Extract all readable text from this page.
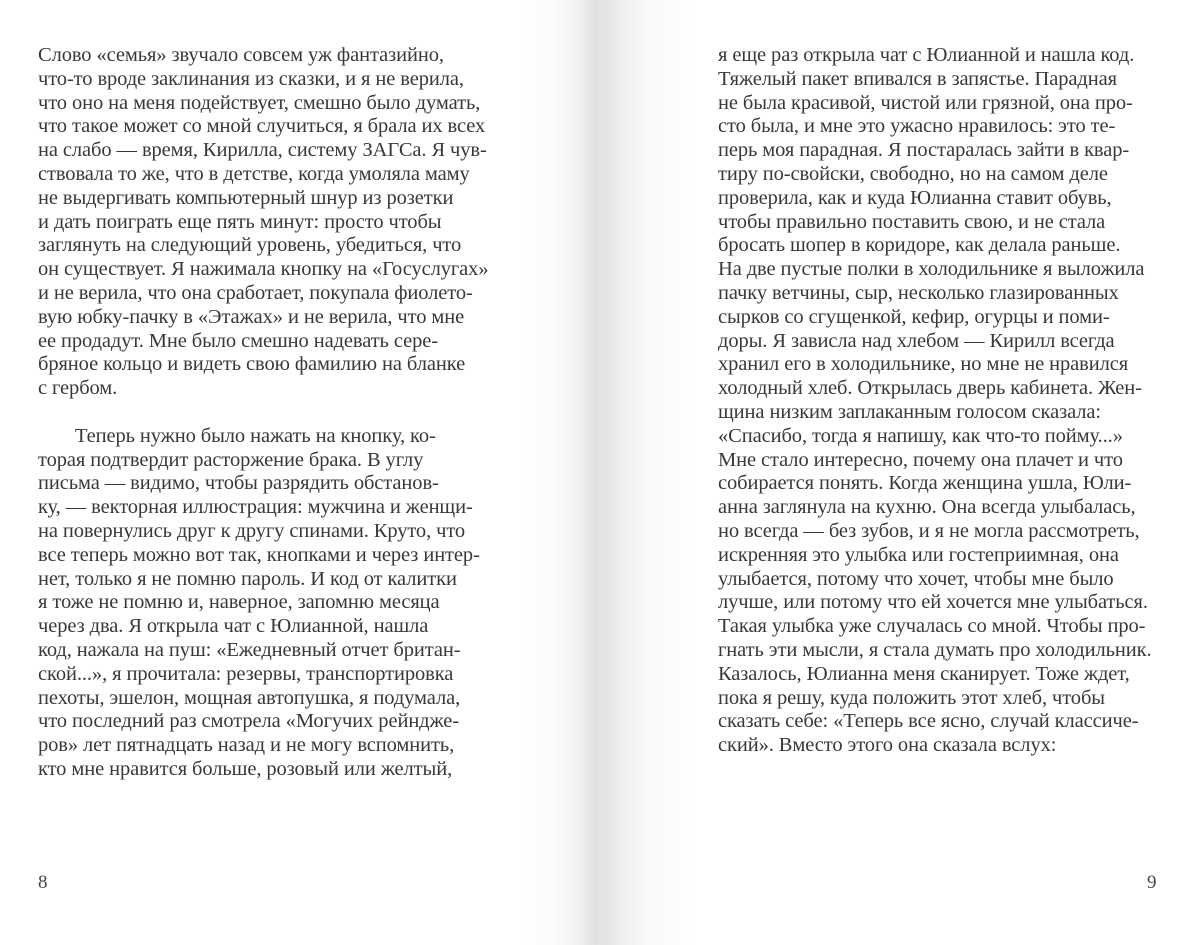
Слово «семья» звучало совсем уж фантазийно,
что-то вроде заклинания из сказки, и я не верила,
что оно на меня подействует, смешно было думать,
что такое может со мной случиться, я брала их всех
на слабо — время, Кирилла, систему ЗАГСа. Я чув-
ствовала то же, что в детстве, когда умоляла маму
не выдергивать компьютерный шнур из розетки
и дать поиграть еще пять минут: просто чтобы
заглянуть на следующий уровень, убедиться, что
он существует. Я нажимала кнопку на «Госуслугах»
и не верила, что она сработает, покупала фиолето-
вую юбку-пачку в «Этажах» и не верила, что мне
ее продадут. Мне было смешно надевать сере-
бряное кольцо и видеть свою фамилию на бланке
с гербом.
Теперь нужно было нажать на кнопку, ко-
торая подтвердит расторжение брака. В углу
письма — видимо, чтобы разрядить обстанов-
ку, — векторная иллюстрация: мужчина и женщи-
на повернулись друг к другу спинами. Круто, что
все теперь можно вот так, кнопками и через интер-
нет, только я не помню пароль. И код от калитки
я тоже не помню и, наверное, запомню месяца
через два. Я открыла чат с Юлианной, нашла
код, нажала на пуш: «Ежедневный отчет британ-
ской...», я прочитала: резервы, транспортировка
пехоты, эшелон, мощная автопушка, я подумала,
что последний раз смотрела «Могучих рейндже-
ров» лет пятнадцать назад и не могу вспомнить,
кто мне нравится больше, розовый или желтый,
я еще раз открыла чат с Юлианной и нашла код.
Тяжелый пакет впивался в запястье. Парадная
не была красивой, чистой или грязной, она про-
сто была, и мне это ужасно нравилось: это те-
перь моя парадная. Я постаралась зайти в квар-
тиру по-свойски, свободно, но на самом деле
проверила, как и куда Юлианна ставит обувь,
чтобы правильно поставить свою, и не стала
бросать шопер в коридоре, как делала раньше.
На две пустые полки в холодильнике я выложила
пачку ветчины, сыр, несколько глазированных
сырков со сгущенкой, кефир, огурцы и поми-
доры. Я зависла над хлебом — Кирилл всегда
хранил его в холодильнике, но мне не нравился
холодный хлеб. Открылась дверь кабинета. Жен-
щина низким заплаканным голосом сказала:
«Спасибо, тогда я напишу, как что-то пойму...»
Мне стало интересно, почему она плачет и что
собирается понять. Когда женщина ушла, Юли-
анна заглянула на кухню. Она всегда улыбалась,
но всегда — без зубов, и я не могла рассмотреть,
искренняя это улыбка или гостеприимная, она
улыбается, потому что хочет, чтобы мне было
лучше, или потому что ей хочется мне улыбаться.
Такая улыбка уже случалась со мной. Чтобы про-
гнать эти мысли, я стала думать про холодильник.
Казалось, Юлианна меня сканирует. Тоже ждет,
пока я решу, куда положить этот хлеб, чтобы
сказать себе: «Теперь все ясно, случай классиче-
ский». Вместо этого она сказала вслух:
8	9
